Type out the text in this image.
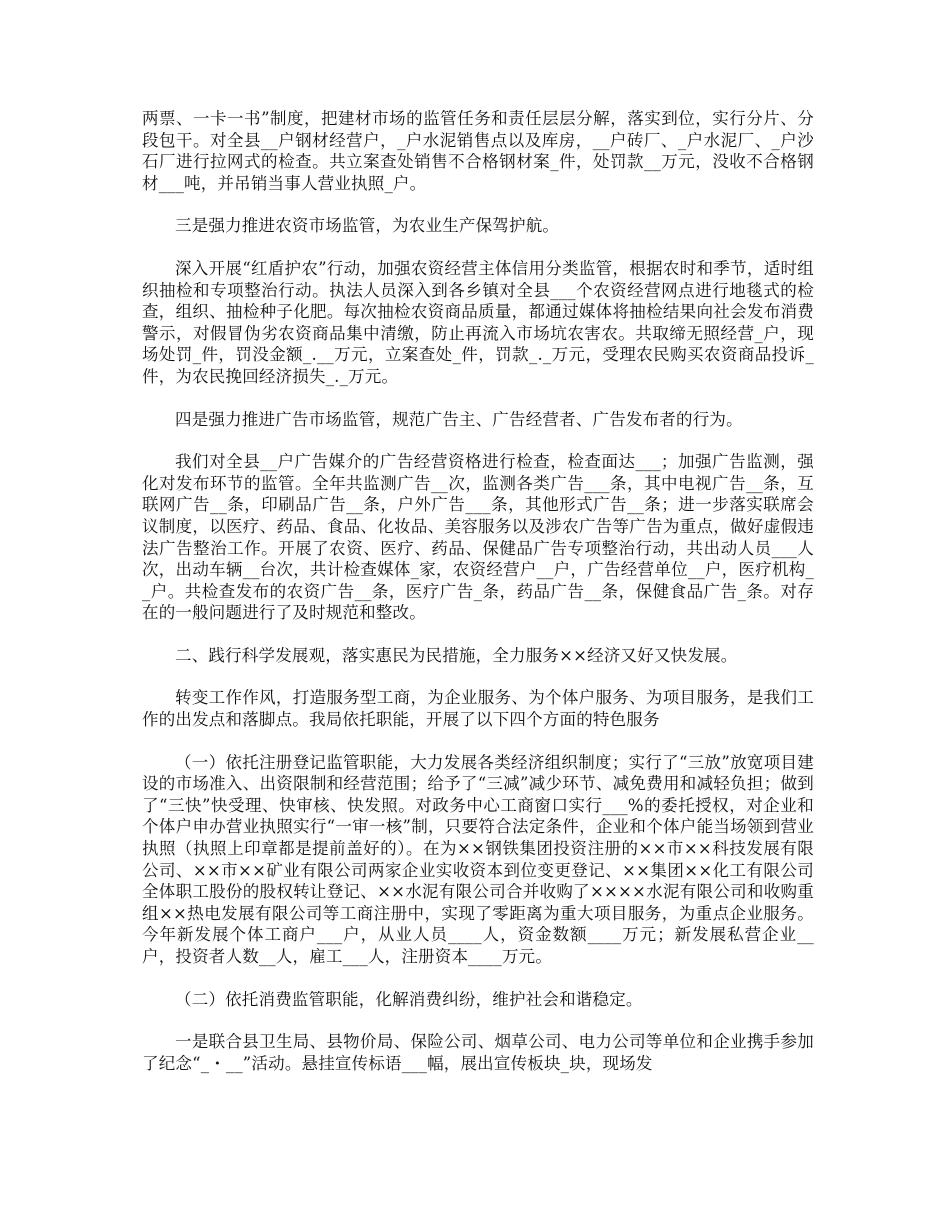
两票、一卡一书”制度，把建材市场的监管任务和责任层层分解，落实到位，实行分片、分段包干。对全县__户钢材经营户，_户水泥销售点以及库房，__户砖厂、_户水泥厂、_户沙石厂进行拉网式的检查。共立案查处销售不合格钢材案_件，处罚款__万元，没收不合格钢材___吨，并吊销当事人营业执照_户。

三是强力推进农资市场监管，为农业生产保驾护航。

深入开展“红盾护农”行动，加强农资经营主体信用分类监管，根据农时和季节，适时组织抽检和专项整治行动。执法人员深入到各乡镇对全县___个农资经营网点进行地毯式的检查，组织、抽检种子化肥。每次抽检农资商品质量，都通过媒体将抽检结果向社会发布消费警示，对假冒伪劣农资商品集中清缴，防止再流入市场坑农害农。共取缔无照经营_户，现场处罚_件，罚没金额_.__万元，立案查处_件，罚款_._万元，受理农民购买农资商品投诉_件，为农民挽回经济损失_._万元。

四是强力推进广告市场监管，规范广告主、广告经营者、广告发布者的行为。

我们对全县__户广告媒介的广告经营资格进行检查，检查面达___；加强广告监测，强化对发布环节的监管。全年共监测广告__次，监测各类广告___条，其中电视广告__条，互联网广告__条，印刷品广告__条，户外广告___条，其他形式广告__条；进一步落实联席会议制度，以医疗、药品、食品、化妆品、美容服务以及涉农广告等广告为重点，做好虚假违法广告整治工作。开展了农资、医疗、药品、保健品广告专项整治行动，共出动人员___人次，出动车辆__台次，共计检查媒体_家，农资经营户__户，广告经营单位__户，医疗机构__户。共检查发布的农资广告__条，医疗广告_条，药品广告__条，保健食品广告_条。对存在的一般问题进行了及时规范和整改。

二、践行科学发展观，落实惠民为民措施，全力服务××经济又好又快发展。

转变工作作风，打造服务型工商，为企业服务、为个体户服务、为项目服务，是我们工作的出发点和落脚点。我局依托职能，开展了以下四个方面的特色服务

（一）依托注册登记监管职能，大力发展各类经济组织制度；实行了“三放”放宽项目建设的市场准入、出资限制和经营范围；给予了“三减”减少环节、减免费用和减轻负担；做到了“三快”快受理、快审核、快发照。对政务中心工商窗口实行___%的委托授权，对企业和个体户申办营业执照实行“一审一核”制，只要符合法定条件，企业和个体户能当场领到营业执照（执照上印章都是提前盖好的）。在为××钢铁集团投资注册的××市××科技发展有限公司、××市××矿业有限公司两家企业实收资本到位变更登记、××集团××化工有限公司全体职工股份的股权转让登记、××水泥有限公司合并收购了××××水泥有限公司和收购重组××热电发展有限公司等工商注册中，实现了零距离为重大项目服务，为重点企业服务。今年新发展个体工商户___户，从业人员____人，资金数额____万元；新发展私营企业__户，投资者人数__人，雇工___人，注册资本____万元。

（二）依托消费监管职能，化解消费纠纷，维护社会和谐稳定。

一是联合县卫生局、县物价局、保险公司、烟草公司、电力公司等单位和企业携手参加了纪念“_・__”活动。悬挂宣传标语___幅，展出宣传板块_块，现场发
